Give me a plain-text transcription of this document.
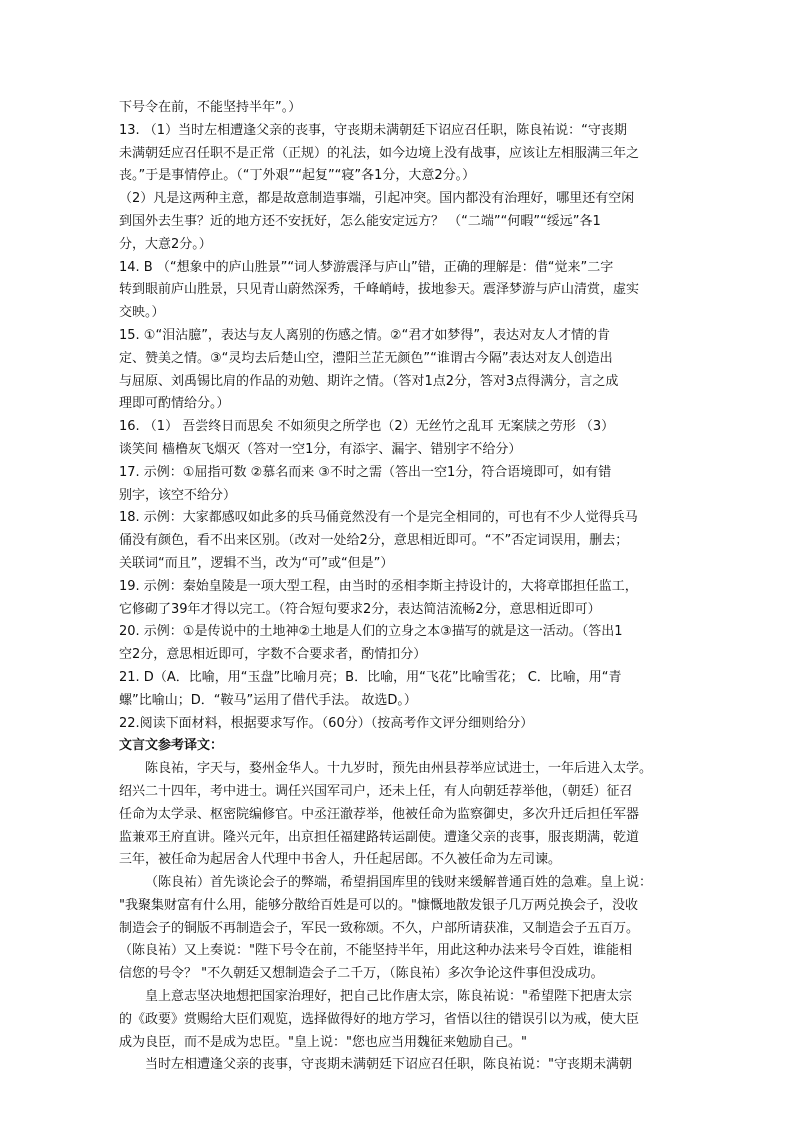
下号令在前，不能坚持半年”。）

13. （1）当时左相遭逢父亲的丧事，守丧期未满朝廷下诏应召任职，陈良祐说：“守丧期

未满朝廷应召任职不是正常（正规）的礼法，如今边境上没有战事，应该让左相服满三年之

丧。”于是事情停止。（“丁外艰”“起复”“寝”各1分，大意2分。）

（2）凡是这两种主意，都是故意制造事端，引起冲突。国内都没有治理好，哪里还有空闲

到国外去生事？近的地方还不安抚好，怎么能安定远方？ （“二端”“何暇”“绥远”各1

分，大意2分。）

14. B （“想象中的庐山胜景”“词人梦游震泽与庐山”错，正确的理解是：借“觉来”二字

转到眼前庐山胜景，只见青山蔚然深秀，千峰峭峙，拔地参天。震泽梦游与庐山清赏，虚实

交映。）

15. ①“泪沾臆”，表达与友人离别的伤感之情。②“君才如梦得”，表达对友人才情的肯

定、赞美之情。③“灵均去后楚山空，澧阳兰芷无颜色”“谁谓古今隔”表达对友人创造出

与屈原、刘禹锡比肩的作品的劝勉、期许之情。（答对1点2分，答对3点得满分，言之成

理即可酌情给分。）

16. （1） 吾尝终日而思矣 不如须臾之所学也（2）无丝竹之乱耳 无案牍之劳形 （3）

谈笑间 樯橹灰飞烟灭（答对一空1分，有添字、漏字、错别字不给分）

17. 示例：①屈指可数 ②慕名而来 ③不时之需（答出一空1分，符合语境即可，如有错

别字，该空不给分）

18. 示例：大家都感叹如此多的兵马俑竟然没有一个是完全相同的，可也有不少人觉得兵马

俑没有颜色，看不出来区别。（改对一处给2分，意思相近即可。“不”否定词误用，删去；

关联词“而且”，逻辑不当，改为“可”或“但是”）

19. 示例：秦始皇陵是一项大型工程，由当时的丞相李斯主持设计的，大将章邯担任监工，

它修砌了39年才得以完工。（符合短句要求2分，表达简洁流畅2分，意思相近即可）

20. 示例：①是传说中的土地神②土地是人们的立身之本③描写的就是这一活动。（答出1

空2分，意思相近即可，字数不合要求者，酌情扣分）

21. D（A．比喻，用“玉盘”比喻月亮；B．比喻，用“飞花”比喻雪花； C．比喻，用“青

螺”比喻山；D．“鞍马”运用了借代手法。 故选D。）

22.阅读下面材料，根据要求写作。（60分）（按高考作文评分细则给分）

文言文参考译文：

陈良祐，字天与，婺州金华人。十九岁时，预先由州县荐举应试进士，一年后进入太学。

绍兴二十四年，考中进士。调任兴国军司户，还未上任，有人向朝廷荐举他，（朝廷）征召

任命为太学录、枢密院编修官。中丞汪澈荐举，他被任命为监察御史，多次升迁后担任军器

监兼邓王府直讲。隆兴元年，出京担任福建路转运副使。遭逢父亲的丧事，服丧期满，乾道

三年，被任命为起居舍人代理中书舍人，升任起居郎。不久被任命为左司谏。

（陈良祐）首先谈论会子的弊端，希望捐国库里的钱财来缓解普通百姓的急难。皇上说：

"我聚集财富有什么用，能够分散给百姓是可以的。"慷慨地散发银子几万两兑换会子，没收

制造会子的铜版不再制造会子，军民一致称颂。不久，户部所请获准，又制造会子五百万。

（陈良祐）又上奏说："陛下号令在前，不能坚持半年，用此这种办法来号令百姓，谁能相

信您的号令？ "不久朝廷又想制造会子二千万，（陈良祐）多次争论这件事但没成功。

皇上意志坚决地想把国家治理好，把自己比作唐太宗，陈良祐说："希望陛下把唐太宗

的《政要》赏赐给大臣们观览，选择做得好的地方学习，省悟以往的错误引以为戒，使大臣

成为良臣，而不是成为忠臣。"皇上说："您也应当用魏征来勉励自己。"

当时左相遭逢父亲的丧事，守丧期未满朝廷下诏应召任职，陈良祐说："守丧期未满朝
